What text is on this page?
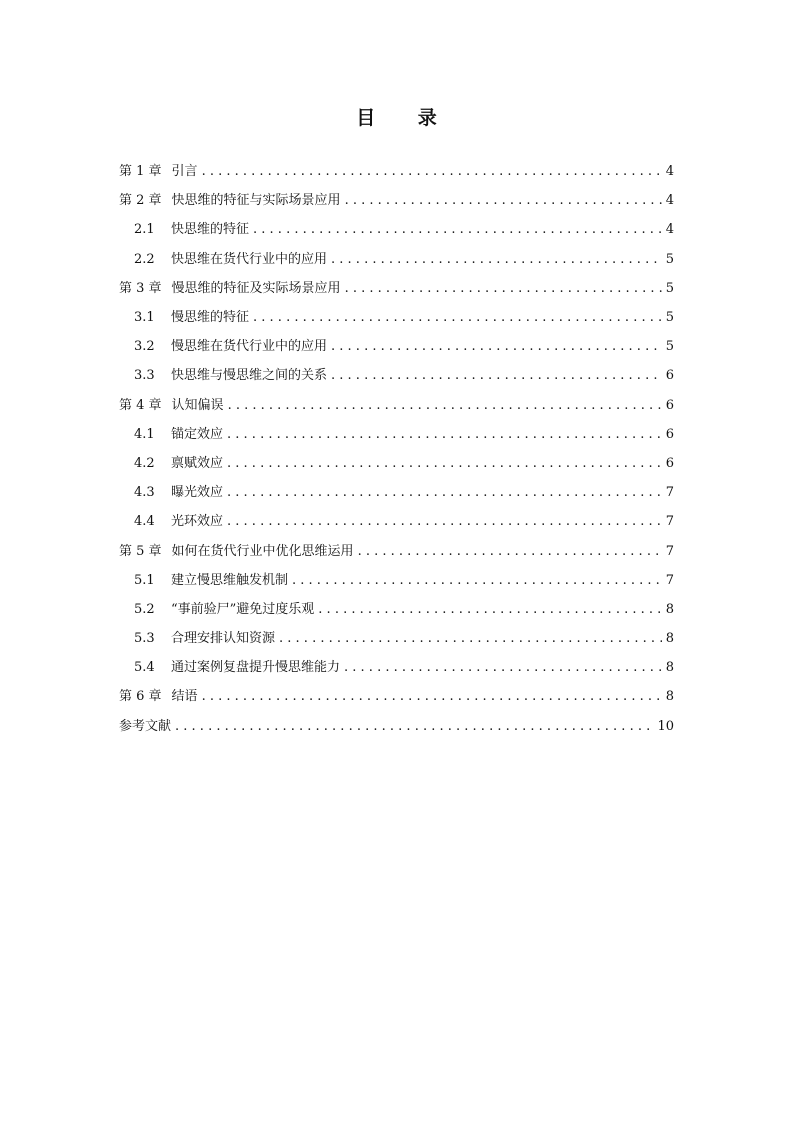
目 录
第 1 章 引言 . . .	4
第 2 章 快思维的特征与实际场景应用 . . .	4
2.1	快思维的特征 . . .	4
2.2	快思维在货代行业中的应用 . . .	5
第 3 章 慢思维的特征及实际场景应用 . . .	5
3.1	慢思维的特征 . . .	5
3.2	慢思维在货代行业中的应用 . . .	5
3.3	快思维与慢思维之间的关系 . . .	6
第 4 章 认知偏误 . . .	6
4.1	锚定效应 . . .	6
4.2	禀赋效应 . . .	6
4.3	曝光效应 . . .	7
4.4	光环效应 . . .	7
第 5 章 如何在货代行业中优化思维运用 . . .	7
5.1	建立慢思维触发机制 . . .	7
5.2	“事前验尸”避免过度乐观 . . .	8
5.3	合理安排认知资源 . . .	8
5.4	通过案例复盘提升慢思维能力 . . .	8
第 6 章 结语 . . .	8
参考文献 . . .	10
